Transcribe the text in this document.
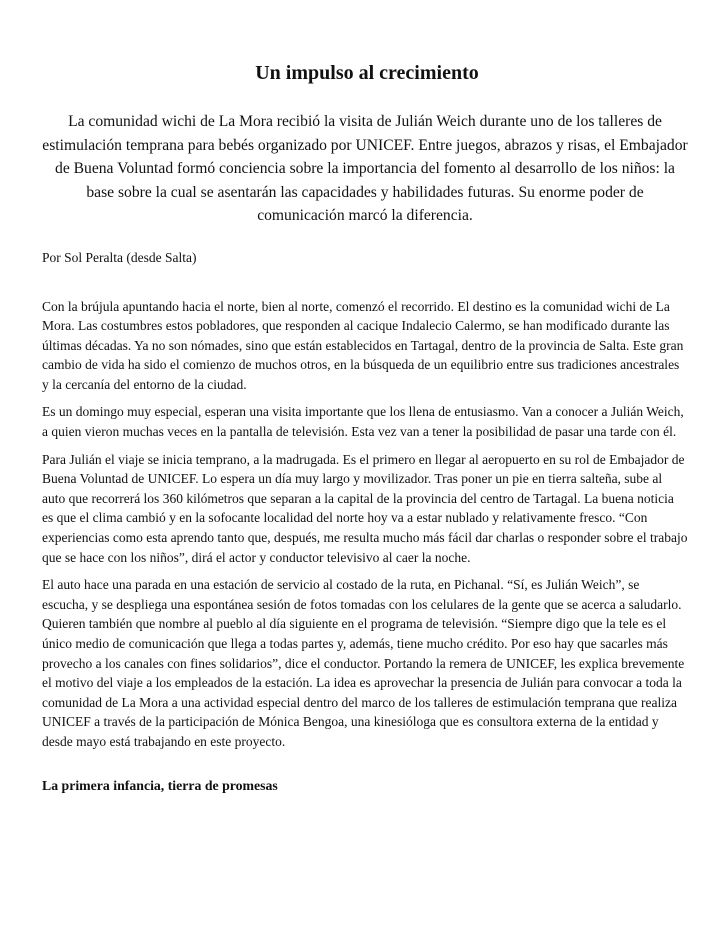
Un impulso al crecimiento

La comunidad wichi de La Mora recibió la visita de Julián Weich durante uno de los talleres de estimulación temprana para bebés organizado por UNICEF. Entre juegos, abrazos y risas, el Embajador de Buena Voluntad formó conciencia sobre la importancia del fomento al desarrollo de los niños: la base sobre la cual se asentarán las capacidades y habilidades futuras. Su enorme poder de comunicación marcó la diferencia.

Por Sol Peralta (desde Salta)

Con la brújula apuntando hacia el norte, bien al norte, comenzó el recorrido. El destino es la comunidad wichi de La Mora. Las costumbres estos pobladores, que responden al cacique Indalecio Calermo, se han modificado durante las últimas décadas. Ya no son nómades, sino que están establecidos en Tartagal, dentro de la provincia de Salta. Este gran cambio de vida ha sido el comienzo de muchos otros, en la búsqueda de un equilibrio entre sus tradiciones ancestrales y la cercanía del entorno de la ciudad.

Es un domingo muy especial, esperan una visita importante que los llena de entusiasmo. Van a conocer a Julián Weich, a quien vieron muchas veces en la pantalla de televisión. Esta vez van a tener la posibilidad de pasar una tarde con él.

Para Julián el viaje se inicia temprano, a la madrugada. Es el primero en llegar al aeropuerto en su rol de Embajador de Buena Voluntad de UNICEF. Lo espera un día muy largo y movilizador. Tras poner un pie en tierra salteña, sube al auto que recorrerá los 360 kilómetros que separan a la capital de la provincia del centro de Tartagal. La buena noticia es que el clima cambió y en la sofocante localidad del norte hoy va a estar nublado y relativamente fresco. “Con experiencias como esta aprendo tanto que, después, me resulta mucho más fácil dar charlas o responder sobre el trabajo que se hace con los niños”, dirá el actor y conductor televisivo al caer la noche.

El auto hace una parada en una estación de servicio al costado de la ruta, en Pichanal. “Sí, es Julián Weich”, se escucha, y se despliega una espontánea sesión de fotos tomadas con los celulares de la gente que se acerca a saludarlo. Quieren también que nombre al pueblo al día siguiente en el programa de televisión. “Siempre digo que la tele es el único medio de comunicación que llega a todas partes y, además, tiene mucho crédito. Por eso hay que sacarles más provecho a los canales con fines solidarios”, dice el conductor. Portando la remera de UNICEF, les explica brevemente el motivo del viaje a los empleados de la estación. La idea es aprovechar la presencia de Julián para convocar a toda la comunidad de La Mora a una actividad especial dentro del marco de los talleres de estimulación temprana que realiza UNICEF a través de la participación de Mónica Bengoa, una kinesióloga que es consultora externa de la entidad y desde mayo está trabajando en este proyecto.

La primera infancia, tierra de promesas
